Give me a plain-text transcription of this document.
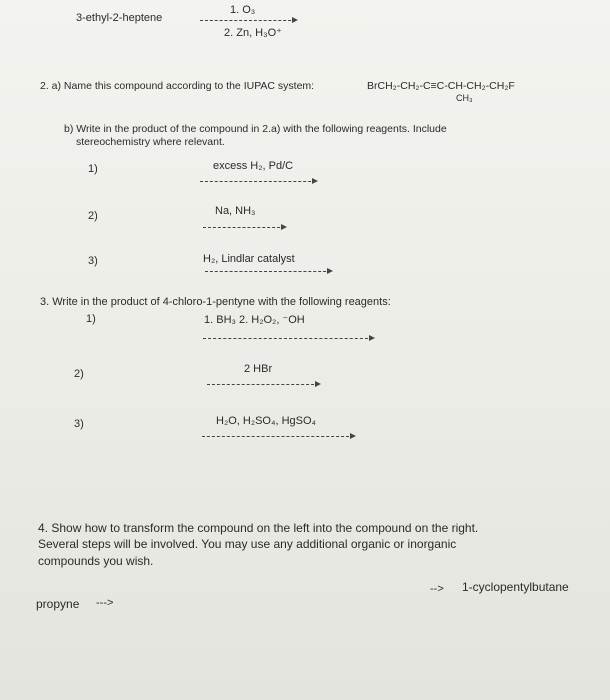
3-ethyl-2-heptene
1. O₃
2. Zn, H₃O⁺
2. a) Name this compound according to the IUPAC system:	BrCH₂-CH₂-C≡C-CH-CH₂-CH₂F
CH₃
b) Write in the product of the compound in 2.a) with the following reagents. Include
stereochemistry where relevant.
1)	excess H₂, Pd/C
2)	Na, NH₃
3)	H₂, Lindlar catalyst
3. Write in the product of 4-chloro-1-pentyne with the following reagents:
1)	1. BH₃ 2. H₂O₂, ⁻OH
2)	2 HBr
3)	H₂O, H₂SO₄, HgSO₄
4. Show how to transform the compound on the left into the compound on the right.
Several steps will be involved. You may use any additional organic or inorganic
compounds you wish.
propyne --->
--> 1-cyclopentylbutane
